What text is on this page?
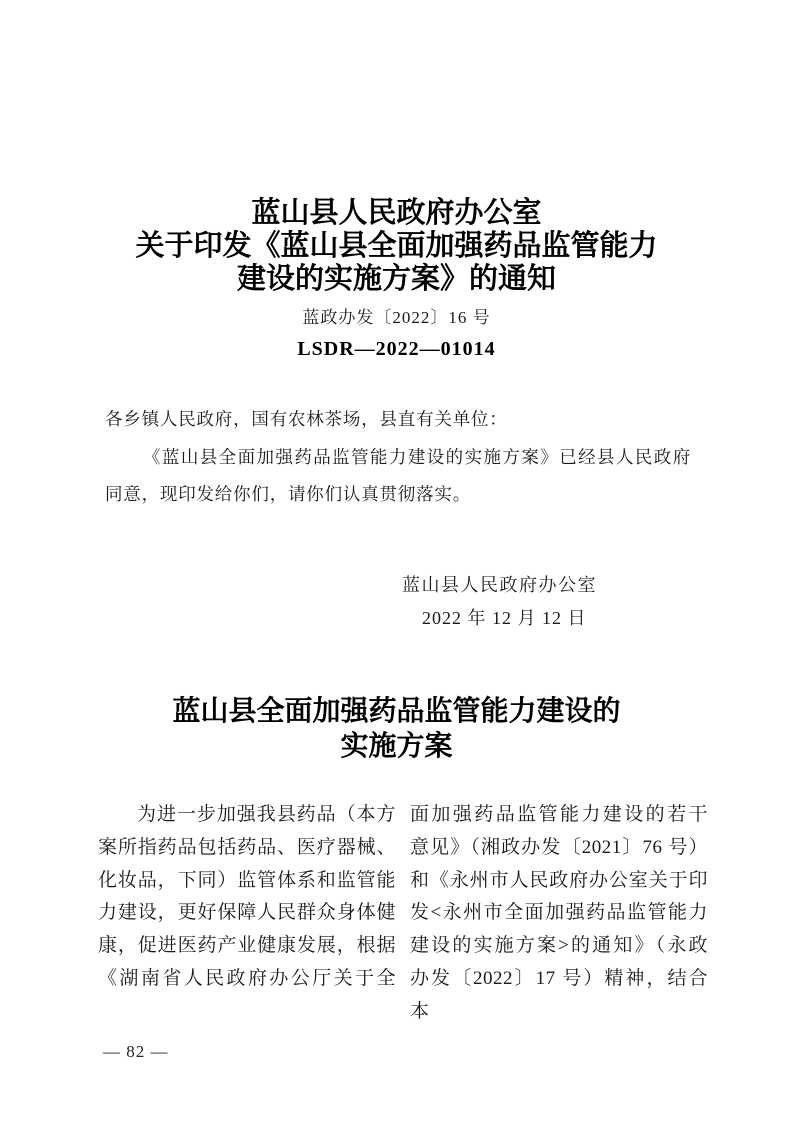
蓝山县人民政府办公室
关于印发《蓝山县全面加强药品监管能力
建设的实施方案》的通知
蓝政办发〔2022〕16 号
LSDR—2022—01014

各乡镇人民政府，国有农林茶场，县直有关单位：

《蓝山县全面加强药品监管能力建设的实施方案》已经县人民政府

同意，现印发给你们，请你们认真贯彻落实。

蓝山县人民政府办公室
2022 年 12 月 12 日
蓝山县全面加强药品监管能力建设的
实施方案
为进一步加强我县药品（本方
案所指药品包括药品、医疗器械、
化妆品，下同）监管体系和监管能
力建设，更好保障人民群众身体健
康，促进医药产业健康发展，根据
《湖南省人民政府办公厅关于全
面加强药品监管能力建设的若干
意见》（湘政办发〔2021〕76 号）
和《永州市人民政府办公室关于印
发<永州市全面加强药品监管能力
建设的实施方案>的通知》（永政
办发〔2022〕17 号）精神，结合本
— 82 —
